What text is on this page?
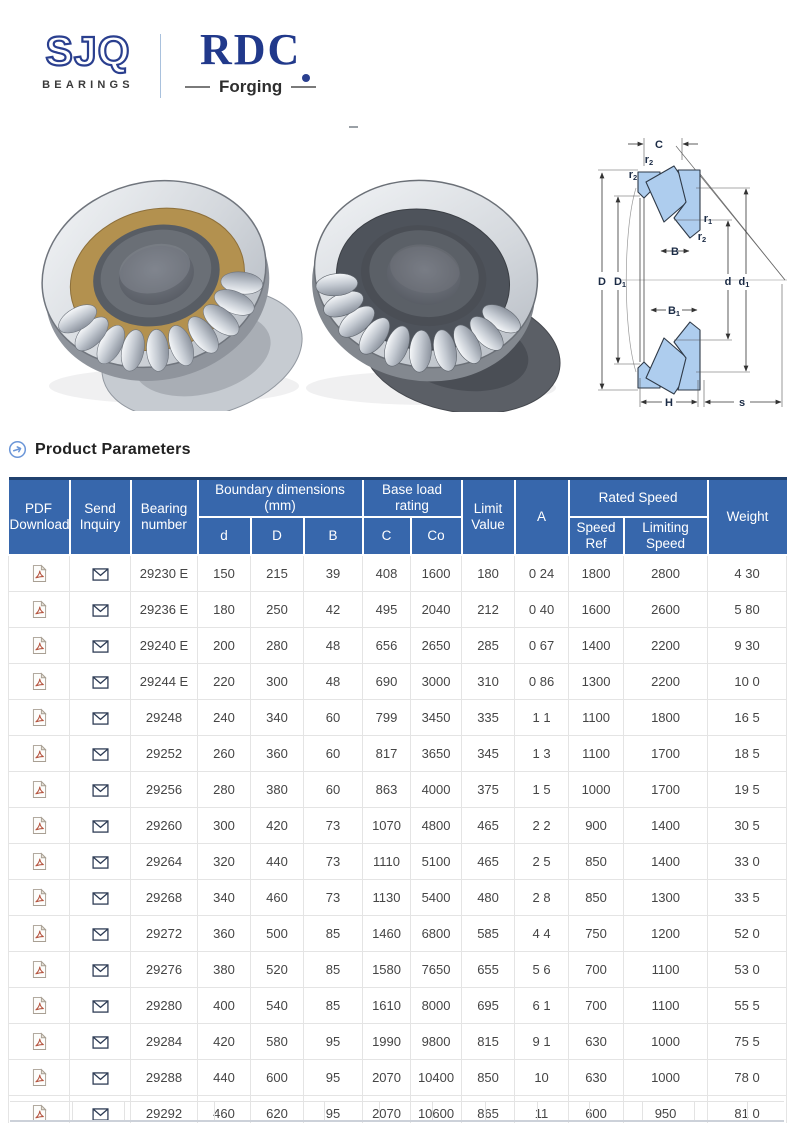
SJQ
BEARINGS
RDC
Forging
C
r2
r2
r1
r2
B
B1
D D1	d d1
H	s
Product Parameters
PDF Download	Send Inquiry	Bearing number	Boundary dimensions (mm)			Base load rating		Limit Value	A	Rated Speed		Weight
			d	D	B	C	Co			Speed Ref	Limiting Speed	
		29230 E	150	215	39	408	1600	180	0 24	1800	2800	4 30
		29236 E	180	250	42	495	2040	212	0 40	1600	2600	5 80
		29240 E	200	280	48	656	2650	285	0 67	1400	2200	9 30
		29244 E	220	300	48	690	3000	310	0 86	1300	2200	10 0
		29248	240	340	60	799	3450	335	1 1	1100	1800	16 5
		29252	260	360	60	817	3650	345	1 3	1100	1700	18 5
		29256	280	380	60	863	4000	375	1 5	1000	1700	19 5
		29260	300	420	73	1070	4800	465	2 2	900	1400	30 5
		29264	320	440	73	1110	5100	465	2 5	850	1400	33 0
		29268	340	460	73	1130	5400	480	2 8	850	1300	33 5
		29272	360	500	85	1460	6800	585	4 4	750	1200	52 0
		29276	380	520	85	1580	7650	655	5 6	700	1100	53 0
		29280	400	540	85	1610	8000	695	6 1	700	1100	55 5
		29284	420	580	95	1990	9800	815	9 1	630	1000	75 5
		29288	440	600	95	2070	10400	850	10	630	1000	78 0
		29292	460	620	95	2070	10600	865	11	600	950	81 0
